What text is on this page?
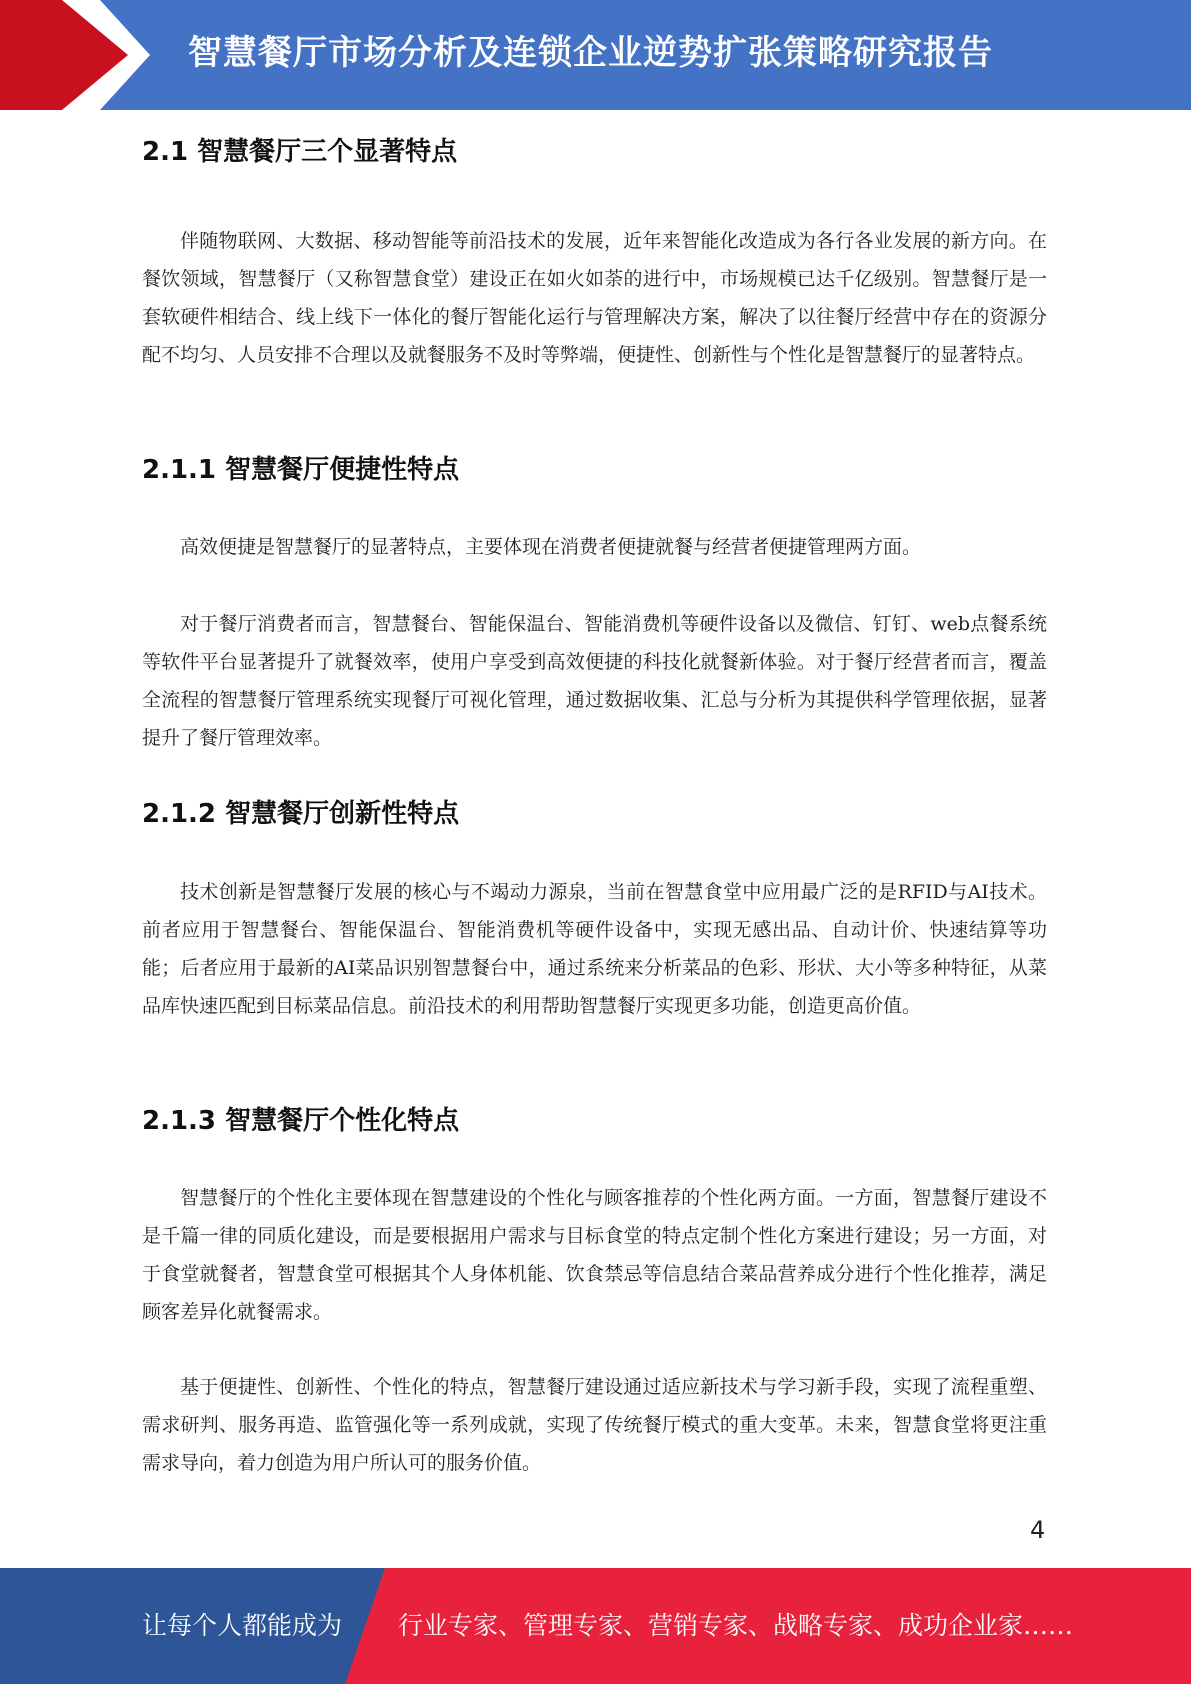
智慧餐厅市场分析及连锁企业逆势扩张策略研究报告
2.1 智慧餐厅三个显著特点

伴随物联网、大数据、移动智能等前沿技术的发展，近年来智能化改造成为各行各业发展的新方向。在餐饮领域，智慧餐厅（又称智慧食堂）建设正在如火如荼的进行中，市场规模已达千亿级别。智慧餐厅是一套软硬件相结合、线上线下一体化的餐厅智能化运行与管理解决方案，解决了以往餐厅经营中存在的资源分配不均匀、人员安排不合理以及就餐服务不及时等弊端，便捷性、创新性与个性化是智慧餐厅的显著特点。

2.1.1 智慧餐厅便捷性特点

高效便捷是智慧餐厅的显著特点，主要体现在消费者便捷就餐与经营者便捷管理两方面。

对于餐厅消费者而言，智慧餐台、智能保温台、智能消费机等硬件设备以及微信、钉钉、web点餐系统等软件平台显著提升了就餐效率，使用户享受到高效便捷的科技化就餐新体验。对于餐厅经营者而言，覆盖全流程的智慧餐厅管理系统实现餐厅可视化管理，通过数据收集、汇总与分析为其提供科学管理依据，显著提升了餐厅管理效率。

2.1.2 智慧餐厅创新性特点

技术创新是智慧餐厅发展的核心与不竭动力源泉，当前在智慧食堂中应用最广泛的是RFID与AI技术。前者应用于智慧餐台、智能保温台、智能消费机等硬件设备中，实现无感出品、自动计价、快速结算等功能；后者应用于最新的AI菜品识别智慧餐台中，通过系统来分析菜品的色彩、形状、大小等多种特征，从菜品库快速匹配到目标菜品信息。前沿技术的利用帮助智慧餐厅实现更多功能，创造更高价值。

2.1.3 智慧餐厅个性化特点

智慧餐厅的个性化主要体现在智慧建设的个性化与顾客推荐的个性化两方面。一方面，智慧餐厅建设不是千篇一律的同质化建设，而是要根据用户需求与目标食堂的特点定制个性化方案进行建设；另一方面，对于食堂就餐者，智慧食堂可根据其个人身体机能、饮食禁忌等信息结合菜品营养成分进行个性化推荐，满足顾客差异化就餐需求。

基于便捷性、创新性、个性化的特点，智慧餐厅建设通过适应新技术与学习新手段，实现了流程重塑、需求研判、服务再造、监管强化等一系列成就，实现了传统餐厅模式的重大变革。未来，智慧食堂将更注重需求导向，着力创造为用户所认可的服务价值。

4
让每个人都能成为 行业专家、管理专家、营销专家、战略专家、成功企业家……
